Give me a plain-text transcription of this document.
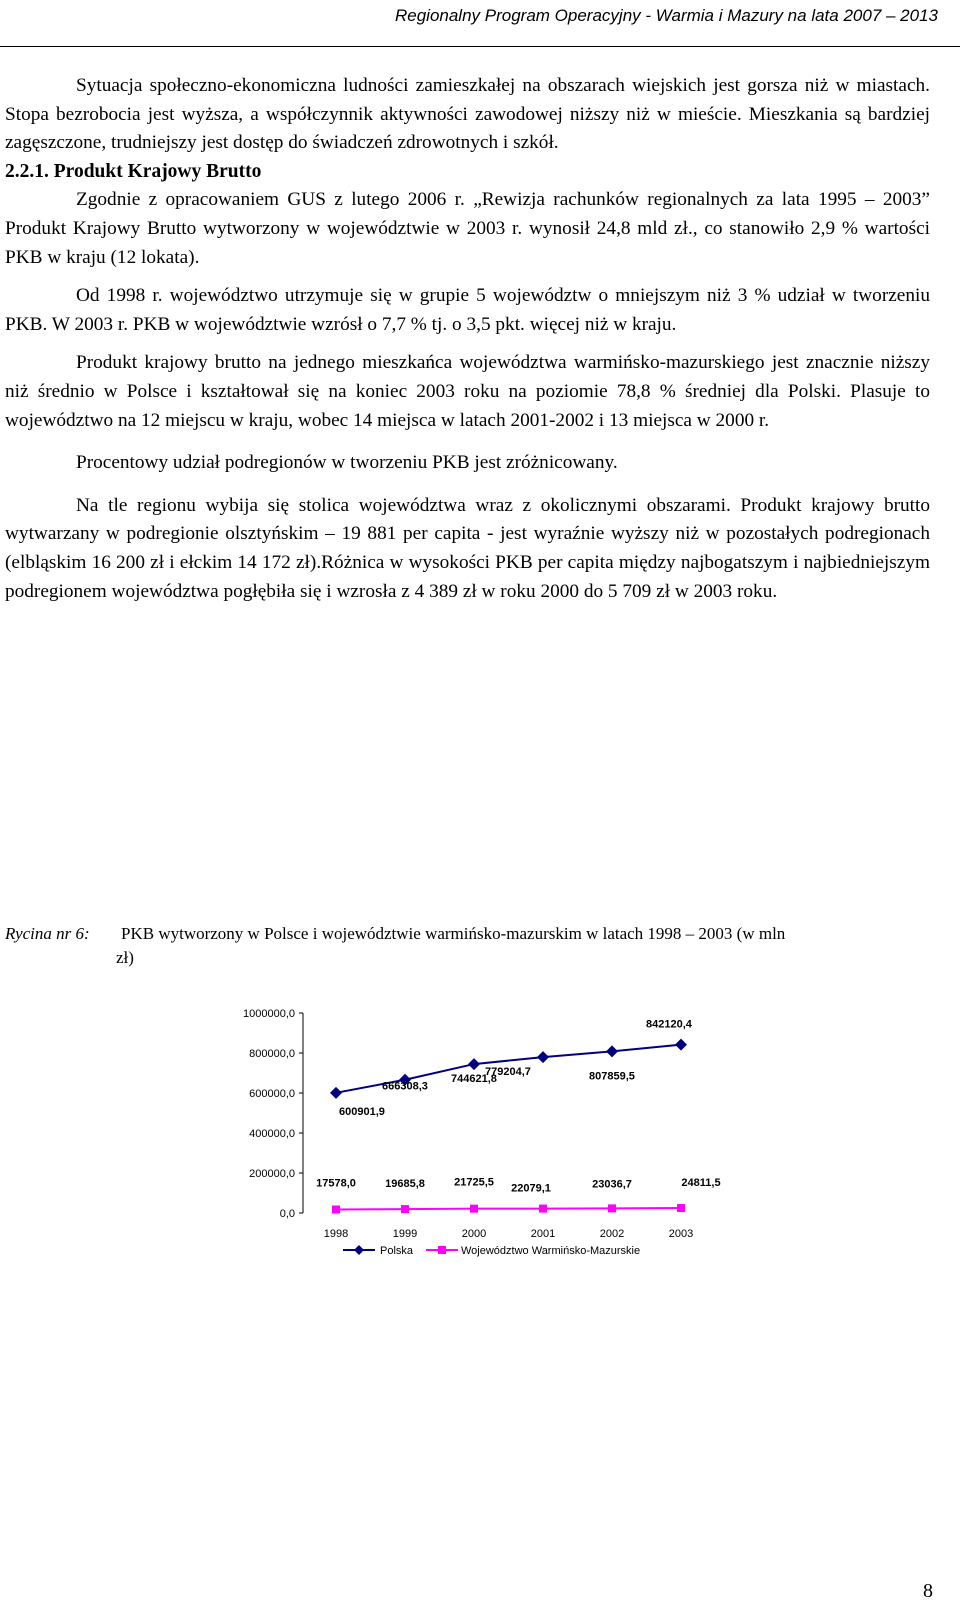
Regionalny Program Operacyjny - Warmia i Mazury na lata 2007 – 2013

Sytuacja społeczno-ekonomiczna ludności zamieszkałej na obszarach wiejskich jest gorsza niż w miastach. Stopa bezrobocia jest wyższa, a współczynnik aktywności zawodowej niższy niż w mieście. Mieszkania są bardziej zagęszczone, trudniejszy jest dostęp do świadczeń zdrowotnych i szkół.

2.2.1. Produkt Krajowy Brutto

Zgodnie z opracowaniem GUS z lutego 2006 r. „Rewizja rachunków regionalnych za lata 1995 – 2003” Produkt Krajowy Brutto wytworzony w województwie w 2003 r. wynosił 24,8 mld zł., co stanowiło 2,9 % wartości PKB w kraju (12 lokata).

Od 1998 r. województwo utrzymuje się w grupie 5 województw o mniejszym niż 3 % udział w tworzeniu PKB. W 2003 r. PKB w województwie wzrósł o 7,7 % tj. o 3,5 pkt. więcej niż w kraju.

Produkt krajowy brutto na jednego mieszkańca województwa warmińsko-mazurskiego jest znacznie niższy niż średnio w Polsce i kształtował się na koniec 2003 roku na poziomie 78,8 % średniej dla Polski. Plasuje to województwo na 12 miejscu w kraju, wobec 14 miejsca w latach 2001-2002 i 13 miejsca w 2000 r.

Procentowy udział podregionów w tworzeniu PKB jest zróżnicowany.

Na tle regionu wybija się stolica województwa wraz z okolicznymi obszarami. Produkt krajowy brutto wytwarzany w podregionie olsztyńskim – 19 881 per capita - jest wyraźnie wyższy niż w pozostałych podregionach (elbląskim 16 200 zł i ełckim 14 172 zł).Różnica w wysokości PKB per capita między najbogatszym i najbiedniejszym podregionem województwa pogłębiła się i wzrosła z 4 389 zł w roku 2000 do 5 709 zł w 2003 roku.

Rycina nr 6: PKB wytworzony w Polsce i województwie warmińsko-mazurskim w latach 1998 – 2003 (w mln
zł)
0,0
200000,0
400000,0
600000,0
800000,0
1000000,0
1998	1999	2000	2001	2002	2003
600901,9
666308,3
744621,8
779204,7	807859,5
842120,4
17578,0	19685,8	21725,5 22079,1	23036,7	24811,5
Polska	Województwo Warmińsko-Mazurskie
8
